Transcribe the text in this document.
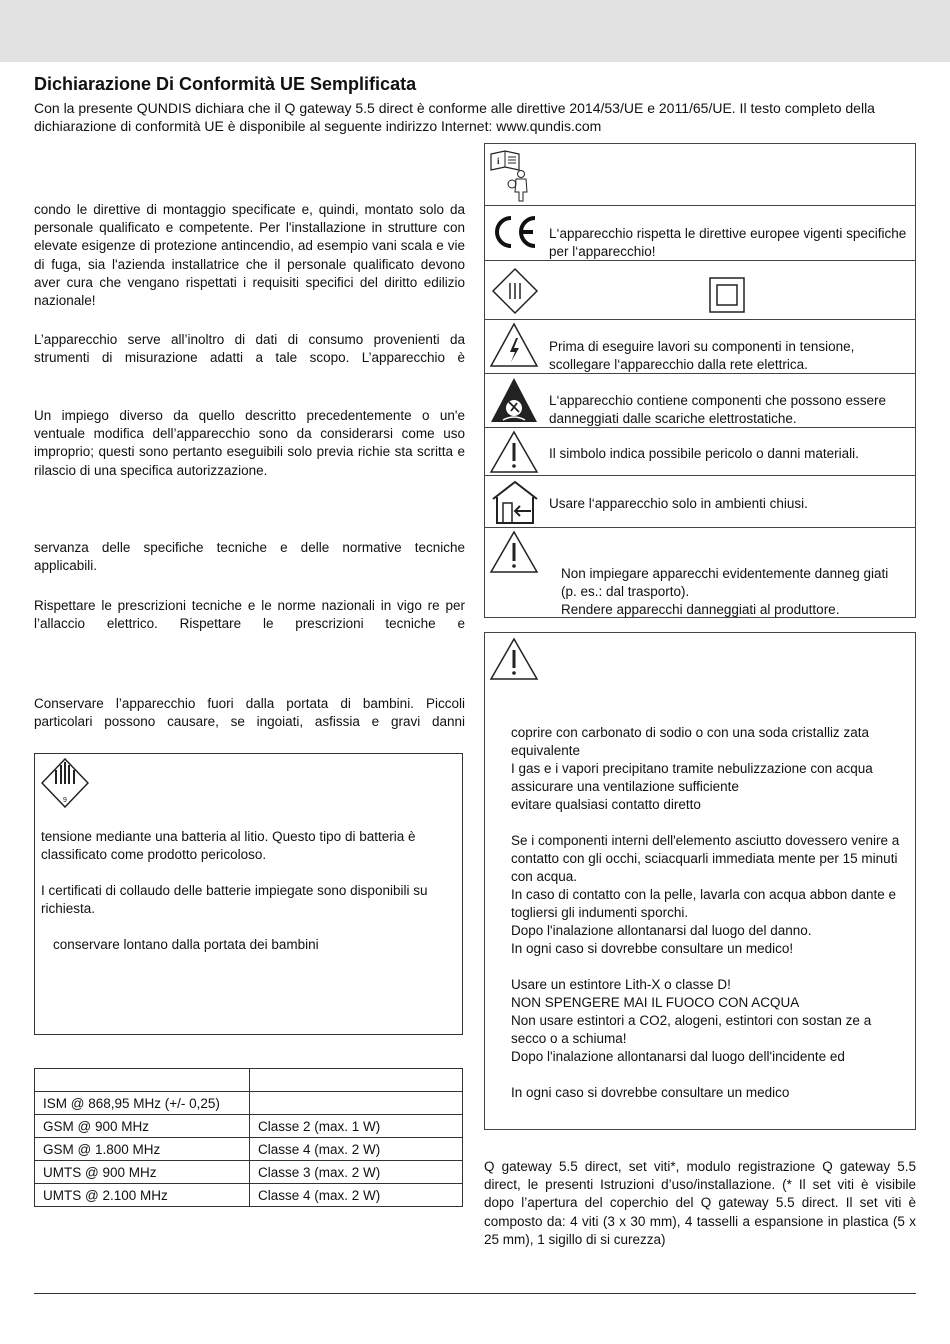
Dichiarazione Di Conformità UE Semplificata
Con la presente QUNDIS dichiara che il Q gateway 5.5 direct è conforme alle direttive 2014/53/UE e 2011/65/UE. Il testo completo della dichiarazione di conformità UE è disponibile al seguente indirizzo Internet: www.qundis.com
condo le direttive di montaggio specificate e, quindi, montato solo da personale qualificato e competente. Per l'installazione in strutture con elevate esigenze di protezione antincendio, ad esempio vani scala e vie di fuga, sia l'azienda installatrice che il personale qualificato devono aver cura che vengano rispettati i requisiti specifici del diritto edilizio nazionale!
L’apparecchio serve all’inoltro di dati di consumo provenienti da strumenti di misurazione adatti a tale scopo. L’apparecchio è
Un impiego diverso da quello descritto precedentemente o un'e ventuale modifica dell’apparecchio sono da considerarsi come uso improprio; questi sono pertanto eseguibili solo previa richie sta scritta e rilascio di una specifica autorizzazione.
servanza delle specifiche tecniche e delle normative tecniche applicabili.
Rispettare le prescrizioni tecniche e le norme nazionali in vigo re per l’allaccio elettrico. Rispettare le prescrizioni tecniche e
Conservare l’apparecchio fuori dalla portata di bambini. Piccoli particolari possono causare, se ingoiati, asfissia e gravi danni
9

tensione mediante una batteria al litio. Questo tipo di batteria è classificato come prodotto pericoloso.

I certificati di collaudo delle batterie impiegate sono disponibili su richiesta.

conservare lontano dalla portata dei bambini

ISM @ 868,95 MHz (+/- 0,25)	
GSM @ 900 MHz	Classe 2 (max. 1 W)
GSM @ 1.800 MHz	Classe 4 (max. 2 W)
UMTS @ 900 MHz	Classe 3 (max. 2 W)
UMTS @ 2.100 MHz	Classe 4 (max. 2 W)
i
L‘apparecchio rispetta le direttive europee vigenti specifiche per l‘apparecchio!
Prima di eseguire lavori su componenti in tensione, scollegare l‘apparecchio dalla rete elettrica.
L‘apparecchio contiene componenti che possono essere danneggiati dalle scariche elettrostatiche.
Il simbolo indica possibile pericolo o danni materiali.
Usare l‘apparecchio solo in ambienti chiusi.
Non impiegare apparecchi evidentemente danneg giati (p. es.: dal trasporto).
Rendere apparecchi danneggiati al produttore.

coprire con carbonato di sodio o con una soda cristalliz zata equivalente

I gas e i vapori precipitano tramite nebulizzazione con acqua

assicurare una ventilazione sufficiente

evitare qualsiasi contatto diretto

Se i componenti interni dell'elemento asciutto dovessero venire a contatto con gli occhi, sciacquarli immediata mente per 15 minuti con acqua.

In caso di contatto con la pelle, lavarla con acqua abbon dante e togliersi gli indumenti sporchi.

Dopo l'inalazione allontanarsi dal luogo del danno.

In ogni caso si dovrebbe consultare un medico!

Usare un estintore Lith-X o classe D!

NON SPENGERE MAI IL FUOCO CON ACQUA

Non usare estintori a CO2, alogeni, estintori con sostan ze a secco o a schiuma!

Dopo l'inalazione allontanarsi dal luogo dell'incidente ed

In ogni caso si dovrebbe consultare un medico

Q gateway 5.5 direct, set viti*, modulo registrazione Q gateway 5.5 direct, le presenti Istruzioni d’uso/installazione. (* Il set viti è visibile dopo l’apertura del coperchio del Q gateway 5.5 direct. Il set viti è composto da: 4 viti (3 x 30 mm), 4 tasselli a espansione in plastica (5 x 25 mm), 1 sigillo di si curezza)
